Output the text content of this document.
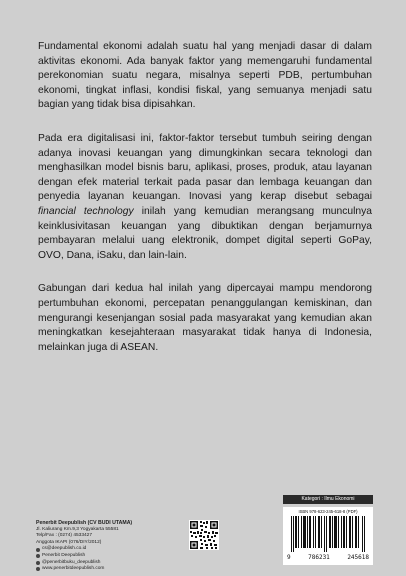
Fundamental ekonomi adalah suatu hal yang menjadi dasar di dalam aktivitas ekonomi. Ada banyak faktor yang memengaruhi fundamental perekonomian suatu negara, misalnya seperti PDB, pertumbuhan ekonomi, tingkat inflasi, kondisi fiskal, yang semuanya menjadi satu bagian yang tidak bisa dipisahkan.

Pada era digitalisasi ini, faktor-faktor tersebut tumbuh seiring dengan adanya inovasi keuangan yang dimungkinkan secara teknologi dan menghasilkan model bisnis baru, aplikasi, proses, produk, atau layanan dengan efek material terkait pada pasar dan lembaga keuangan dan penyedia layanan keuangan. Inovasi yang kerap disebut sebagai financial technology inilah yang kemudian merangsang munculnya keinklusivitasan keuangan yang dibuktikan dengan berjamurnya pembayaran melalui uang elektronik, dompet digital seperti GoPay, OVO, Dana, iSaku, dan lain-lain.

Gabungan dari kedua hal inilah yang dipercayai mampu mendorong pertumbuhan ekonomi, percepatan penanggulangan kemiskinan, dan mengurangi kesenjangan sosial pada masyarakat yang kemudian akan meningkatkan kesejahteraan masyarakat tidak hanya di Indonesia, melainkan juga di ASEAN.

Penerbit Deepublish (CV BUDI UTAMA)
Jl. Kaliurang Km.9,3 Yogyakarta 55581
Telp/Fax : (0274) 4533427
Anggota IKAPI (076/DIY/2012)
cs@deepublish.co.id
Penerbit Deepublish
@penerbitbuku_deepublish
www.penerbitdeepublish.com
Kategori : Ilmu Ekonomi
ISBN 978-623-245-618-8 (PDF)
9	786231	245618
